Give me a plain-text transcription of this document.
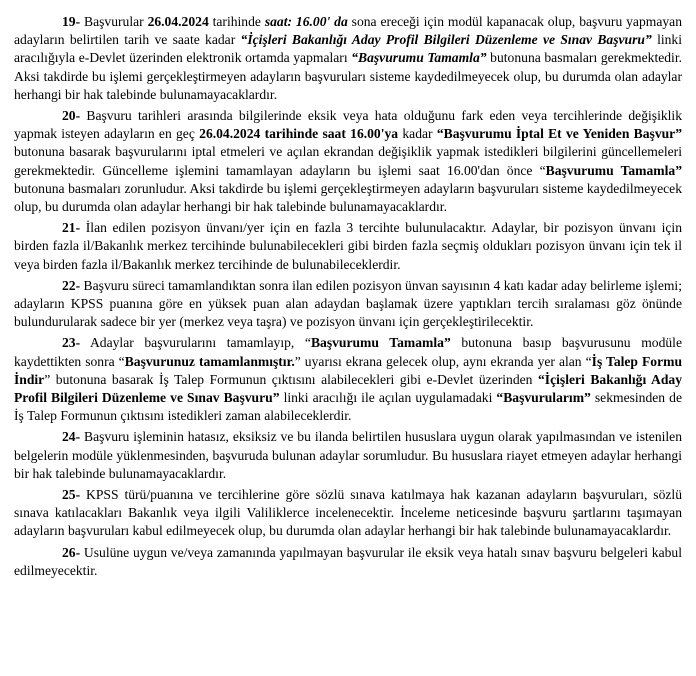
19- Başvurular 26.04.2024 tarihinde saat: 16.00' da sona ereceği için modül kapanacak olup, başvuru yapmayan adayların belirtilen tarih ve saate kadar “İçişleri Bakanlığı Aday Profil Bilgileri Düzenleme ve Sınav Başvuru” linki aracılığıyla e-Devlet üzerinden elektronik ortamda yapmaları “Başvurumu Tamamla” butonuna basmaları gerekmektedir. Aksi takdirde bu işlemi gerçekleştirmeyen adayların başvuruları sisteme kaydedilmeyecek olup, bu durumda olan adaylar herhangi bir hak talebinde bulunamayacaklardır.

20- Başvuru tarihleri arasında bilgilerinde eksik veya hata olduğunu fark eden veya tercihlerinde değişiklik yapmak isteyen adayların en geç 26.04.2024 tarihinde saat 16.00'ya kadar “Başvurumu İptal Et ve Yeniden Başvur” butonuna basarak başvurularını iptal etmeleri ve açılan ekrandan değişiklik yapmak istedikleri bilgilerini güncellemeleri gerekmektedir. Güncelleme işlemini tamamlayan adayların bu işlemi saat 16.00'dan önce “Başvurumu Tamamla” butonuna basmaları zorunludur. Aksi takdirde bu işlemi gerçekleştirmeyen adayların başvuruları sisteme kaydedilmeyecek olup, bu durumda olan adaylar herhangi bir hak talebinde bulunamayacaklardır.

21- İlan edilen pozisyon ünvanı/yer için en fazla 3 tercihte bulunulacaktır. Adaylar, bir pozisyon ünvanı için birden fazla il/Bakanlık merkez tercihinde bulunabilecekleri gibi birden fazla seçmiş oldukları pozisyon ünvanı için tek il veya birden fazla il/Bakanlık merkez tercihinde de bulunabileceklerdir.

22- Başvuru süreci tamamlandıktan sonra ilan edilen pozisyon ünvan sayısının 4 katı kadar aday belirleme işlemi; adayların KPSS puanına göre en yüksek puan alan adaydan başlamak üzere yaptıkları tercih sıralaması göz önünde bulundurularak sadece bir yer (merkez veya taşra) ve pozisyon ünvanı için gerçekleştirilecektir.

23- Adaylar başvurularını tamamlayıp, “Başvurumu Tamamla” butonuna basıp başvurusunu modüle kaydettikten sonra “Başvurunuz tamamlanmıştır.” uyarısı ekrana gelecek olup, aynı ekranda yer alan “İş Talep Formu İndir” butonuna basarak İş Talep Formunun çıktısını alabilecekleri gibi e-Devlet üzerinden “İçişleri Bakanlığı Aday Profil Bilgileri Düzenleme ve Sınav Başvuru” linki aracılığı ile açılan uygulamadaki “Başvurularım” sekmesinden de İş Talep Formunun çıktısını istedikleri zaman alabileceklerdir.

24- Başvuru işleminin hatasız, eksiksiz ve bu ilanda belirtilen hususlara uygun olarak yapılmasından ve istenilen belgelerin modüle yüklenmesinden, başvuruda bulunan adaylar sorumludur. Bu hususlara riayet etmeyen adaylar herhangi bir hak talebinde bulunamayacaklardır.

25- KPSS türü/puanına ve tercihlerine göre sözlü sınava katılmaya hak kazanan adayların başvuruları, sözlü sınava katılacakları Bakanlık veya ilgili Valiliklerce incelenecektir. İnceleme neticesinde başvuru şartlarını taşımayan adayların başvuruları kabul edilmeyecek olup, bu durumda olan adaylar herhangi bir hak talebinde bulunamayacaklardır.

26- Usulüne uygun ve/veya zamanında yapılmayan başvurular ile eksik veya hatalı sınav başvuru belgeleri kabul edilmeyecektir.
